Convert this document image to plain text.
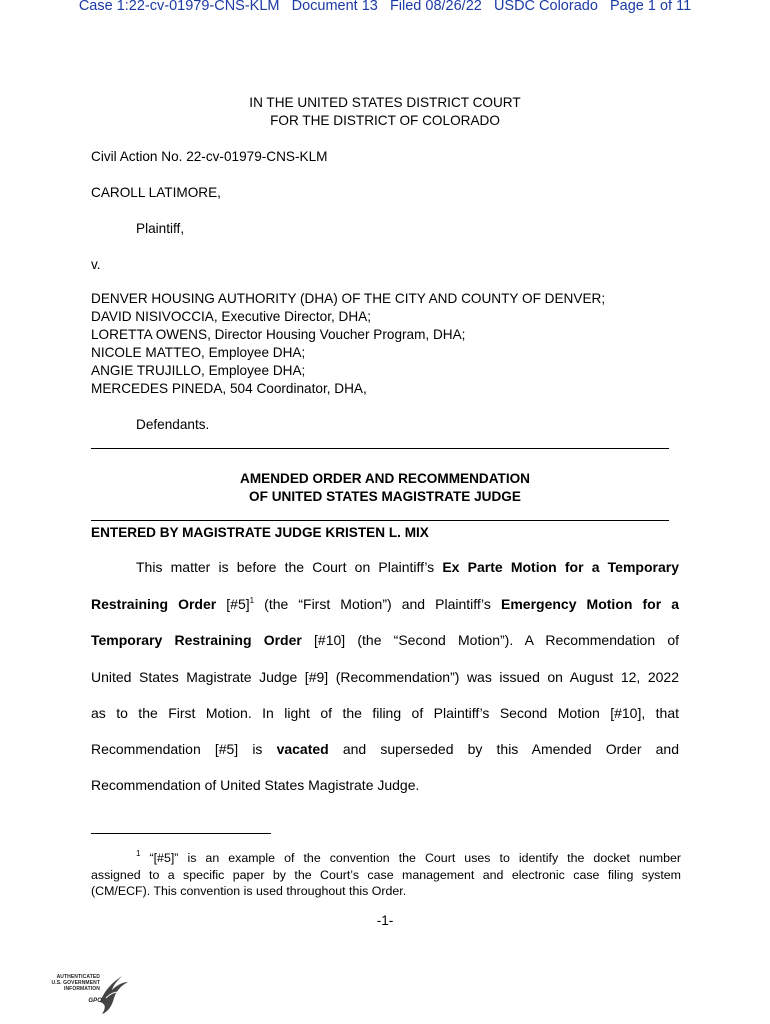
Case 1:22-cv-01979-CNS-KLM Document 13 Filed 08/26/22 USDC Colorado Page 1 of 11
IN THE UNITED STATES DISTRICT COURT
FOR THE DISTRICT OF COLORADO
Civil Action No. 22-cv-01979-CNS-KLM
CAROLL LATIMORE,
Plaintiff,
v.
DENVER HOUSING AUTHORITY (DHA) OF THE CITY AND COUNTY OF DENVER;
DAVID NISIVOCCIA, Executive Director, DHA;
LORETTA OWENS, Director Housing Voucher Program, DHA;
NICOLE MATTEO, Employee DHA;
ANGIE TRUJILLO, Employee DHA;
MERCEDES PINEDA, 504 Coordinator, DHA,
Defendants.
AMENDED ORDER AND RECOMMENDATION
OF UNITED STATES MAGISTRATE JUDGE
ENTERED BY MAGISTRATE JUDGE KRISTEN L. MIX
This matter is before the Court on Plaintiff’s Ex Parte Motion for a Temporary
Restraining Order [#5]$^1$ (the “First Motion”) and Plaintiff’s Emergency Motion for a
Temporary Restraining Order [#10] (the “Second Motion”). A Recommendation of
United States Magistrate Judge [#9] (Recommendation”) was issued on August 12, 2022
as to the First Motion. In light of the filing of Plaintiff’s Second Motion [#10], that
Recommendation [#5] is vacated and superseded by this Amended Order and
Recommendation of United States Magistrate Judge.
$^1$ “[#5]” is an example of the convention the Court uses to identify the docket number
assigned to a specific paper by the Court’s case management and electronic case filing system
(CM/ECF). This convention is used throughout this Order.
-1-
AUTHENTICATED
U.S. GOVERNMENT
INFORMATION
GPO
